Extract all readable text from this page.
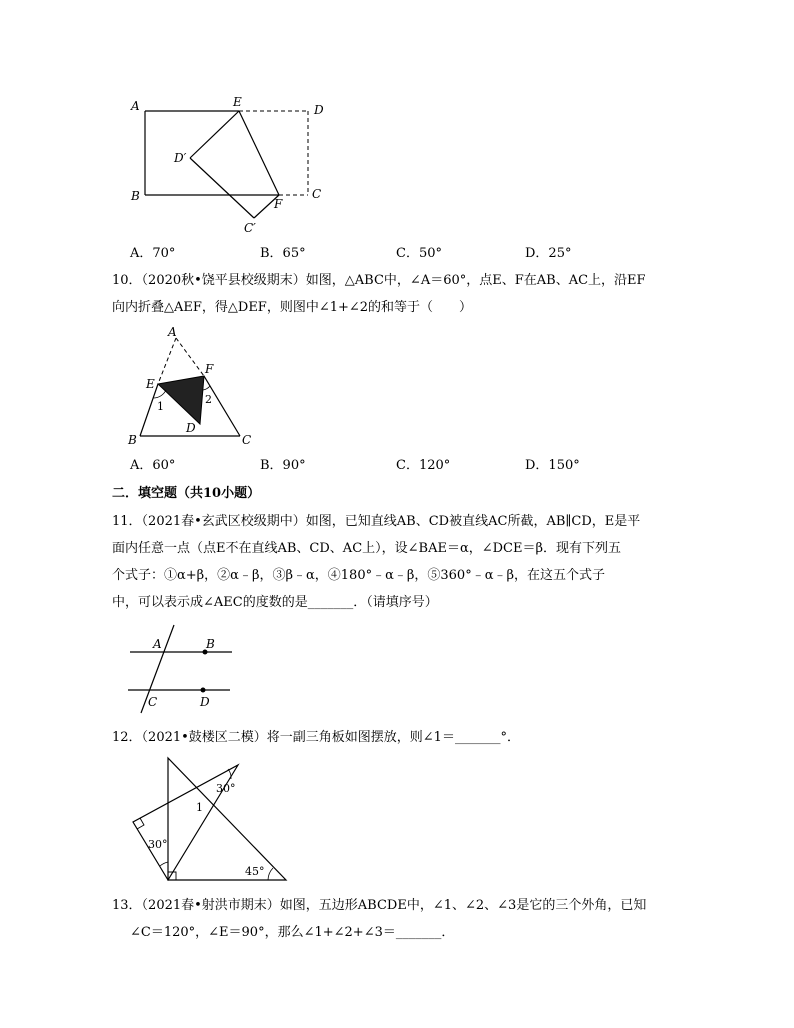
A	E
D
D′
B	C
F
C′
A．70°	B．65°	C．50°	D．25°
10．（2020秋•饶平县校级期末）如图，△ABC中，∠A＝60°，点E、F在AB、AC上，沿EF
向内折叠△AEF，得△DEF，则图中∠1+∠2的和等于（　　）
A
E
F
1
2
D
B	C
A．60°	B．90°	C．120°	D．150°
二．填空题（共10小题）
11．（2021春•玄武区校级期中）如图，已知直线AB、CD被直线AC所截，AB∥CD，E是平
面内任意一点（点E不在直线AB、CD、AC上），设∠BAE＝α，∠DCE＝β．现有下列五
个式子：①α+β，②α﹣β，③β﹣α，④180°﹣α﹣β，⑤360°﹣α﹣β，在这五个式子
中，可以表示成∠AEC的度数的是_______．（请填序号）
A	B
C	D
12．（2021•鼓楼区二模）将一副三角板如图摆放，则∠1＝_______°．
30°
1
30°
45°
13．（2021春•射洪市期末）如图，五边形ABCDE中，∠1、∠2、∠3是它的三个外角，已知
∠C＝120°，∠E＝90°，那么∠1+∠2+∠3＝_______．
